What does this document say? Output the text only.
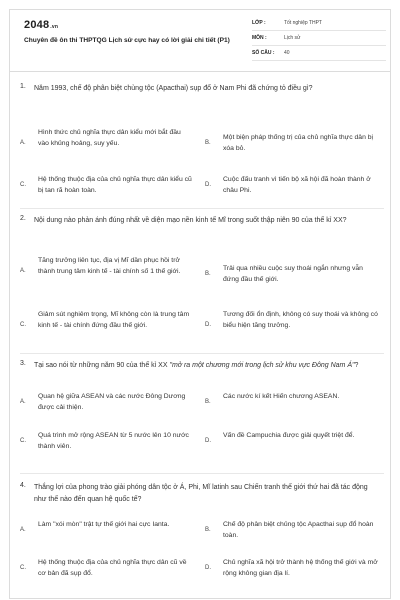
2048.vn
Chuyên đề ôn thi THPTQG Lịch sử cực hay có lời giải chi tiết (P1)
LỚP :	Tốt nghiệp THPT
MÔN :	Lịch sử
SỐ CÂU :	40
1. Năm 1993, chế độ phân biệt chủng tộc (Apacthai) sụp đổ ở Nam Phi đã chứng tỏ điều gì?
A.
Hình thức chủ nghĩa thực dân kiểu mới bắt đầu vào khủng hoảng, suy yếu.	B.
Một biện pháp thống trị của chủ nghĩa thực dân bị xóa bỏ.
C.
Hệ thống thuộc địa của chủ nghĩa thực dân kiểu cũ bị tan rã hoàn toàn.
D.
Cuộc đấu tranh vì tiến bộ xã hội đã hoàn thành ở châu Phi.
2. Nội dung nào phản ánh đúng nhất về diện mạo nền kinh tế Mĩ trong suốt thập niên 90 của thế kỉ XX?
A.
Tăng trưởng liên tục, địa vị Mĩ dần phục hồi trở thành trung tâm kinh tế - tài chính số 1 thế giới.	B.
Trải qua nhiều cuộc suy thoái ngắn nhưng vẫn đứng đầu thế giới.
C.
Giảm sút nghiêm trọng, Mĩ không còn là trung tâm kinh tế - tài chính đứng đầu thế giới.	D.
Tương đối ổn định, không có suy thoái và không có biểu hiện tăng trưởng.
3. Tại sao nói từ những năm 90 của thế kỉ XX "mở ra một chương mới trong lịch sử khu vực Đông Nam Á"?
A.
Quan hệ giữa ASEAN và các nước Đông Dương được cải thiện.
B.
Các nước kí kết Hiến chương ASEAN.
C.
Quá trình mở rộng ASEAN từ 5 nước lên 10 nước thành viên.
D.
Vấn đề Campuchia được giải quyết triệt để.
4. Thắng lợi của phong trào giải phóng dân tộc ở Á, Phi, Mĩ latinh sau Chiến tranh thế giới thứ hai đã tác động như thế nào đến quan hệ quốc tế?
A.
Làm "xói mòn" trật tự thế giới hai cực Ianta.
B.
Chế độ phân biệt chủng tộc Apacthai sụp đổ hoàn toàn.
C.
Hệ thống thuộc địa của chủ nghĩa thực dân cũ về cơ bản đã sụp đổ.
D.
Chủ nghĩa xã hội trở thành hệ thống thế giới và mở rộng không gian địa lí.
